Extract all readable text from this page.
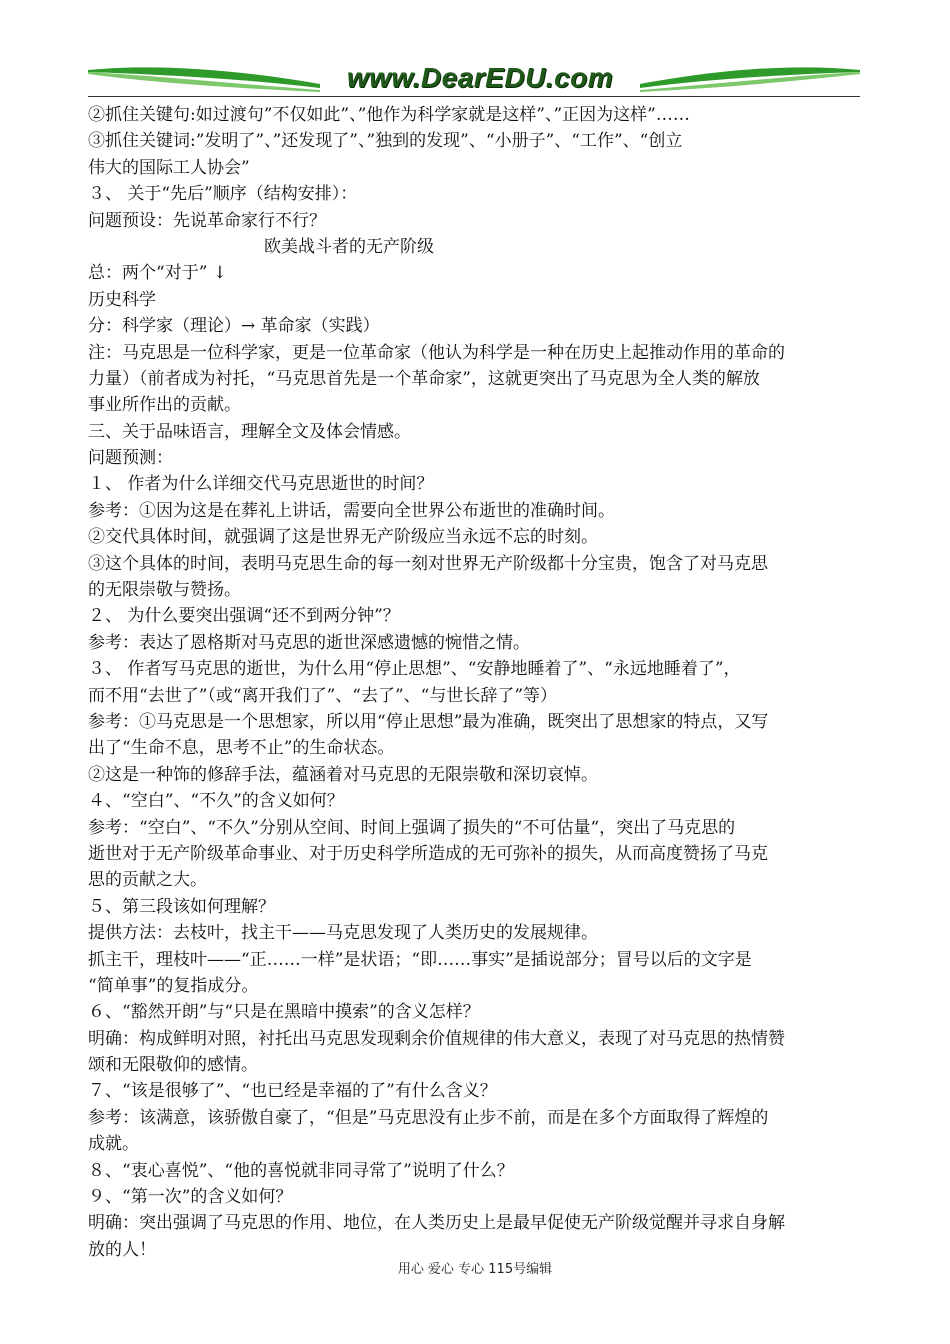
www.DearEDU.com
②抓住关键句:如过渡句”不仅如此”、”他作为科学家就是这样”、”正因为这样”……
③抓住关键词:”发明了”、”还发现了”、”独到的发现”、“小册子”、“工作”、“创立
伟大的国际工人协会”
３、 关于“先后”顺序（结构安排）：
问题预设：先说革命家行不行？
欧美战斗者的无产阶级
总：两个“对于” ↓
历史科学
分：科学家（理论）→ 革命家（实践）
注：马克思是一位科学家，更是一位革命家（他认为科学是一种在历史上起推动作用的革命的
力量）（前者成为衬托，“马克思首先是一个革命家”，这就更突出了马克思为全人类的解放
事业所作出的贡献。
三、关于品味语言，理解全文及体会情感。
问题预测：
１、 作者为什么详细交代马克思逝世的时间？
参考：①因为这是在葬礼上讲话，需要向全世界公布逝世的准确时间。
②交代具体时间，就强调了这是世界无产阶级应当永远不忘的时刻。
③这个具体的时间，表明马克思生命的每一刻对世界无产阶级都十分宝贵，饱含了对马克思
的无限崇敬与赞扬。
２、 为什么要突出强调“还不到两分钟”？
参考：表达了恩格斯对马克思的逝世深感遗憾的惋惜之情。
３、 作者写马克思的逝世，为什么用“停止思想”、“安静地睡着了”、“永远地睡着了”，
而不用“去世了”（或“离开我们了”、“去了”、“与世长辞了”等）
参考：①马克思是一个思想家，所以用“停止思想”最为准确，既突出了思想家的特点，又写
出了“生命不息，思考不止”的生命状态。
②这是一种饰的修辞手法，蕴涵着对马克思的无限崇敬和深切哀悼。
４、“空白”、“不久”的含义如何？
参考：“空白”、“不久”分别从空间、时间上强调了损失的“不可估量“，突出了马克思的
逝世对于无产阶级革命事业、对于历史科学所造成的无可弥补的损失，从而高度赞扬了马克
思的贡献之大。
５、第三段该如何理解？
提供方法：去枝叶，找主干——马克思发现了人类历史的发展规律。
抓主干，理枝叶——“正……一样”是状语；“即……事实”是插说部分；冒号以后的文字是
“简单事”的复指成分。
６、“豁然开朗”与“只是在黑暗中摸索”的含义怎样？
明确：构成鲜明对照，衬托出马克思发现剩余价值规律的伟大意义，表现了对马克思的热情赞
颂和无限敬仰的感情。
７、“该是很够了”、“也已经是幸福的了”有什么含义？
参考：该满意，该骄傲自豪了，“但是”马克思没有止步不前，而是在多个方面取得了辉煌的
成就。
８、“衷心喜悦”、“他的喜悦就非同寻常了”说明了什么？
９、“第一次”的含义如何？
明确：突出强调了马克思的作用、地位，在人类历史上是最早促使无产阶级觉醒并寻求自身解
放的人！
用心 爱心 专心 115号编辑
